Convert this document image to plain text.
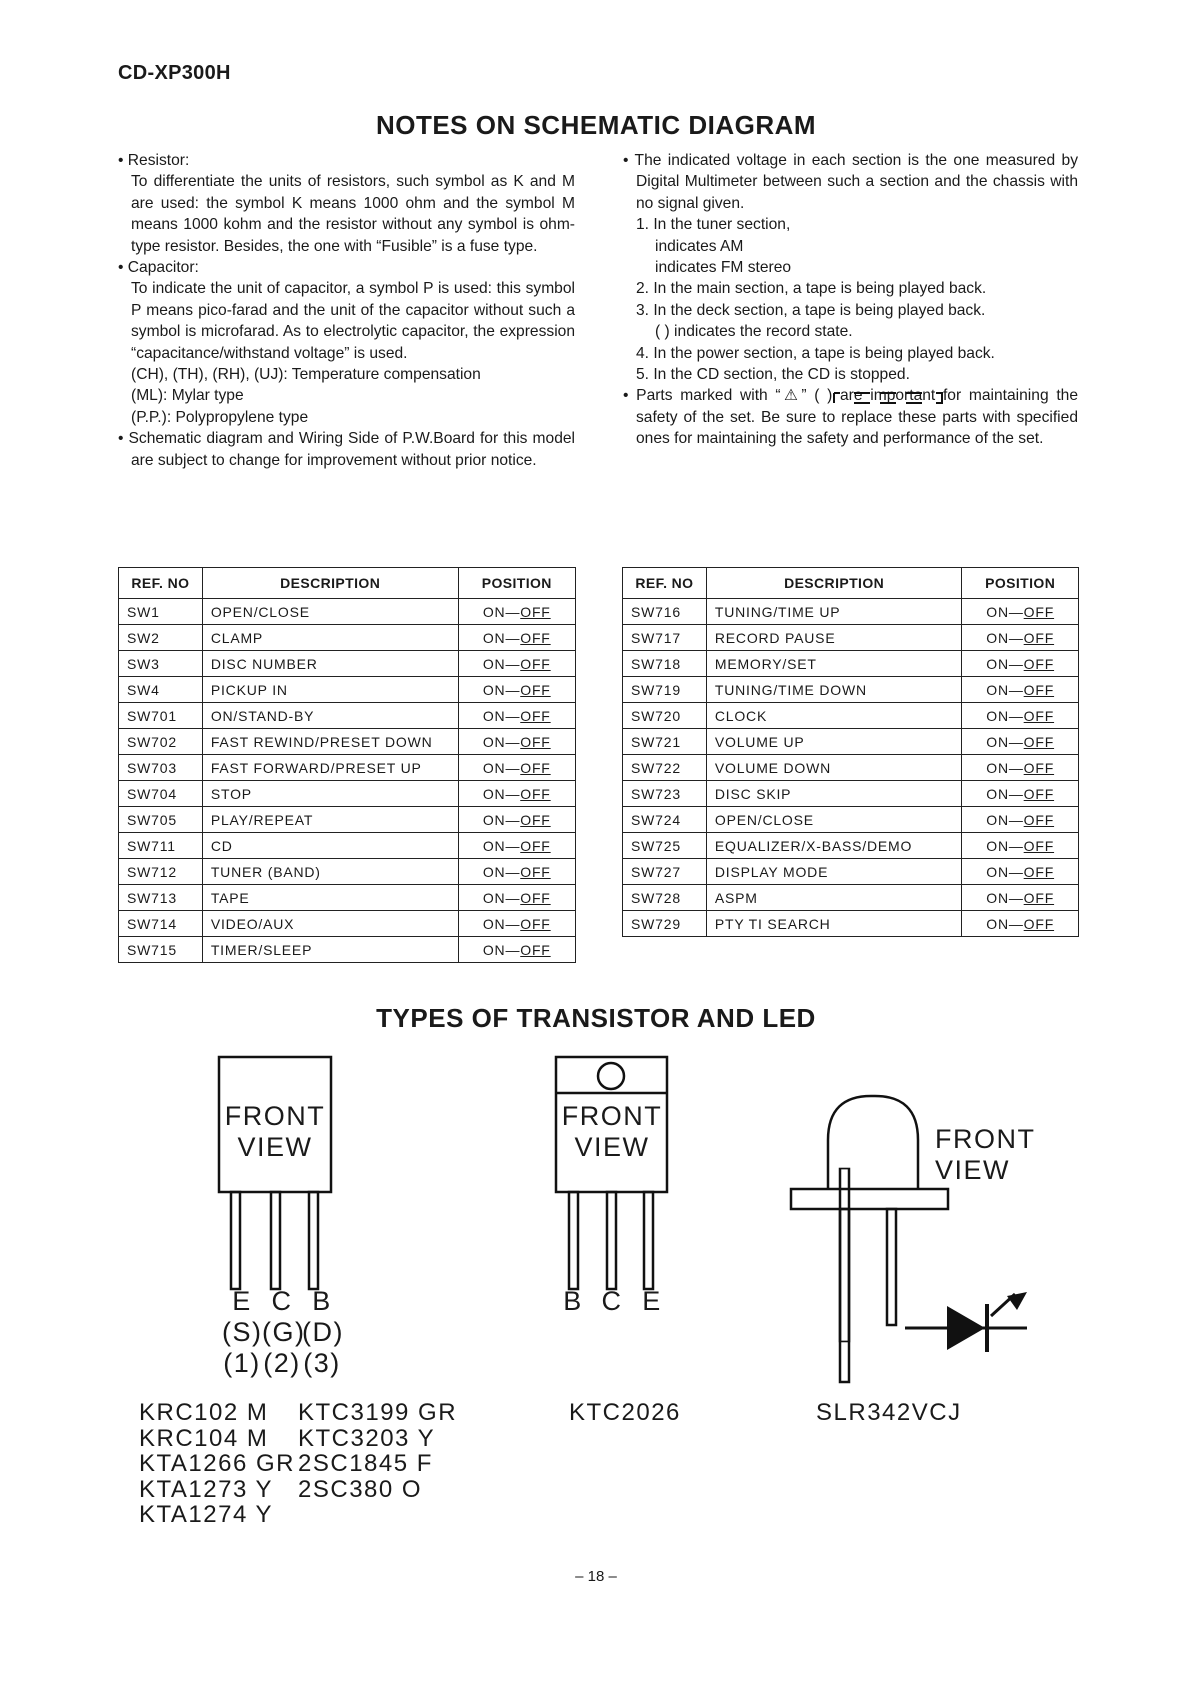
CD-XP300H
NOTES ON SCHEMATIC DIAGRAM

• Resistor:

To differentiate the units of resistors, such symbol as K and M are used: the symbol K means 1000 ohm and the symbol M means 1000 kohm and the resistor without any symbol is ohm-type resistor. Besides, the one with “Fusible” is a fuse type.

• Capacitor:

To indicate the unit of capacitor, a symbol P is used: this symbol P means pico-farad and the unit of the capacitor without such a symbol is microfarad. As to electrolytic capacitor, the expression “capacitance/withstand voltage” is used.

(CH), (TH), (RH), (UJ): Temperature compensation

(ML): Mylar type

(P.P.): Polypropylene type

• Schematic diagram and Wiring Side of P.W.Board for this model are subject to change for improvement without prior notice.

• The indicated voltage in each section is the one measured by Digital Multimeter between such a section and the chassis with no signal given.

1. In the tuner section,

indicates AM

indicates FM stereo

2. In the main section, a tape is being played back.

3. In the deck section, a tape is being played back.

( ) indicates the record state.

4. In the power section, a tape is being played back.

5. In the CD section, the CD is stopped.

• Parts marked with “⚠” ( ) are important for maintaining the safety of the set. Be sure to replace these parts with specified ones for maintaining the safety and performance of the set.

REF. NO	DESCRIPTION	POSITION
SW1	OPEN/CLOSE	ON—OFF
SW2	CLAMP	ON—OFF
SW3	DISC NUMBER	ON—OFF
SW4	PICKUP IN	ON—OFF
SW701	ON/STAND-BY	ON—OFF
SW702	FAST REWIND/PRESET DOWN	ON—OFF
SW703	FAST FORWARD/PRESET UP	ON—OFF
SW704	STOP	ON—OFF
SW705	PLAY/REPEAT	ON—OFF
SW711	CD	ON—OFF
SW712	TUNER (BAND)	ON—OFF
SW713	TAPE	ON—OFF
SW714	VIDEO/AUX	ON—OFF
SW715	TIMER/SLEEP	ON—OFF
REF. NO	DESCRIPTION	POSITION
SW716	TUNING/TIME UP	ON—OFF
SW717	RECORD PAUSE	ON—OFF
SW718	MEMORY/SET	ON—OFF
SW719	TUNING/TIME DOWN	ON—OFF
SW720	CLOCK	ON—OFF
SW721	VOLUME UP	ON—OFF
SW722	VOLUME DOWN	ON—OFF
SW723	DISC SKIP	ON—OFF
SW724	OPEN/CLOSE	ON—OFF
SW725	EQUALIZER/X-BASS/DEMO	ON—OFF
SW727	DISPLAY MODE	ON—OFF
SW728	ASPM	ON—OFF
SW729	PTY TI SEARCH	ON—OFF
TYPES OF TRANSISTOR AND LED
FRONT
VIEW
E C B
(S) (G)
(D)
(1) (2) (3)
FRONT
VIEW
B C E
FRONT
VIEW
KRC102 M
KRC104 M
KTA1266 GR
KTA1273 Y
KTA1274 Y
KTC3199 GR
KTC3203 Y
2SC1845 F
2SC380 O
KTC2026	SLR342VCJ
– 18 –
